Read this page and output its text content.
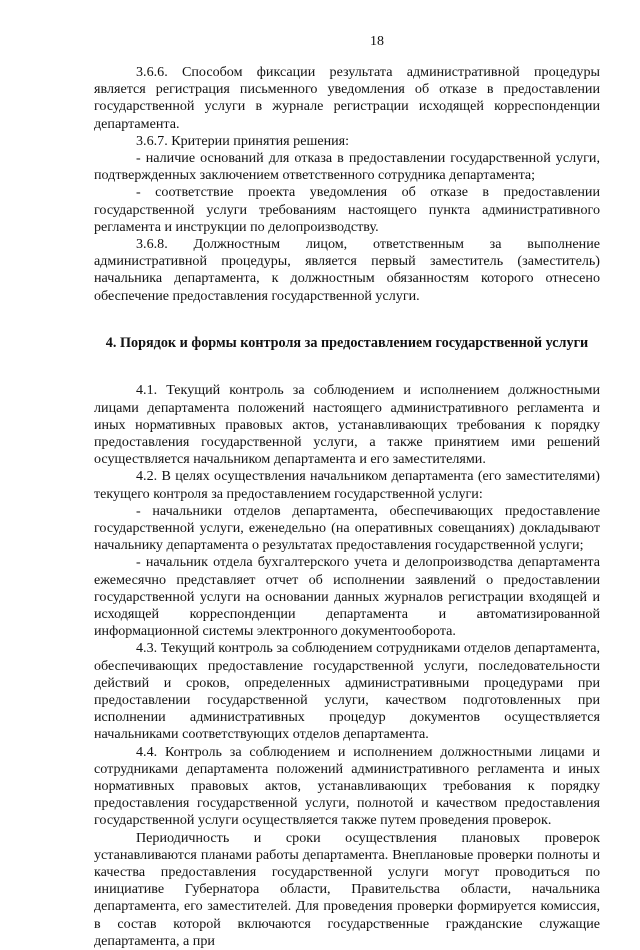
18

3.6.6. Способом фиксации результата административной процедуры является регистрация письменного уведомления об отказе в предоставлении государственной услуги в журнале регистрации исходящей корреспонденции департамента.

3.6.7. Критерии принятия решения:

- наличие оснований для отказа в предоставлении государственной услуги, подтвержденных заключением ответственного сотрудника департамента;

- соответствие проекта уведомления об отказе в предоставлении государственной услуги требованиям настоящего пункта административного регламента и инструкции по делопроизводству.

3.6.8. Должностным лицом, ответственным за выполнение административной процедуры, является первый заместитель (заместитель) начальника департамента, к должностным обязанностям которого отнесено обеспечение предоставления государственной услуги.

4. Порядок и формы контроля за предоставлением государственной услуги

4.1. Текущий контроль за соблюдением и исполнением должностными лицами департамента положений настоящего административного регламента и иных нормативных правовых актов, устанавливающих требования к порядку предоставления государственной услуги, а также принятием ими решений осуществляется начальником департамента и его заместителями.

4.2. В целях осуществления начальником департамента (его заместителями) текущего контроля за предоставлением государственной услуги:

- начальники отделов департамента, обеспечивающих предоставление государственной услуги, еженедельно (на оперативных совещаниях) докладывают начальнику департамента о результатах предоставления государственной услуги;

- начальник отдела бухгалтерского учета и делопроизводства департамента ежемесячно представляет отчет об исполнении заявлений о предоставлении государственной услуги на основании данных журналов регистрации входящей и исходящей корреспонденции департамента и автоматизированной информационной системы электронного документооборота.

4.3. Текущий контроль за соблюдением сотрудниками отделов департамента, обеспечивающих предоставление государственной услуги, последовательности действий и сроков, определенных административными процедурами при предоставлении государственной услуги, качеством подготовленных при исполнении административных процедур документов осуществляется начальниками соответствующих отделов департамента.

4.4. Контроль за соблюдением и исполнением должностными лицами и сотрудниками департамента положений административного регламента и иных нормативных правовых актов, устанавливающих требования к порядку предоставления государственной услуги, полнотой и качеством предоставления государственной услуги осуществляется также путем проведения проверок.

Периодичность и сроки осуществления плановых проверок устанавливаются планами работы департамента. Внеплановые проверки полноты и качества предоставления государственной услуги могут проводиться по инициативе Губернатора области, Правительства области, начальника департамента, его заместителей. Для проведения проверки формируется комиссия, в состав которой включаются государственные гражданские служащие департамента, а при
